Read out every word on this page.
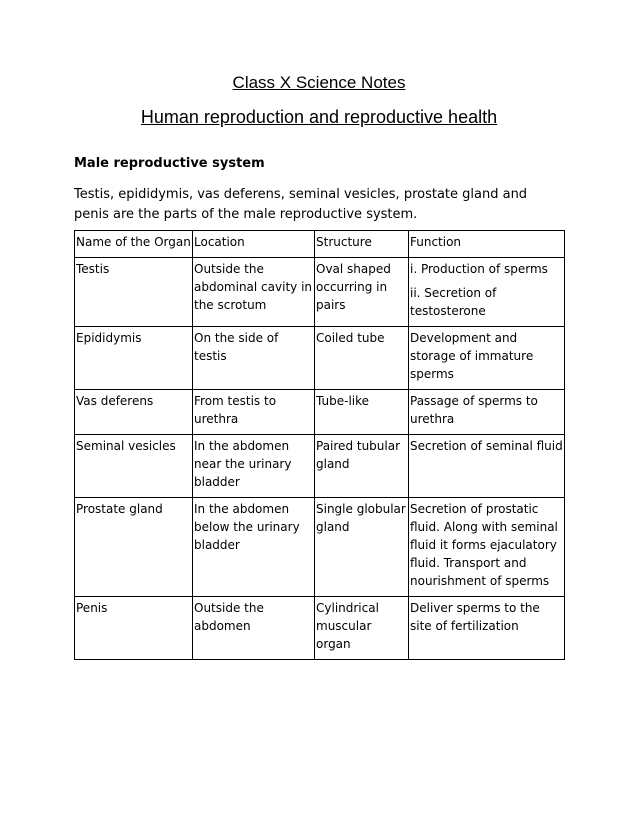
Class X Science Notes
Human reproduction and reproductive health
Male reproductive system
Testis, epididymis, vas deferens, seminal vesicles, prostate gland and penis are the parts of the male reproductive system.
Name of the Organ	Location	Structure	Function
Testis	Outside the abdominal cavity in the scrotum	Oval shaped occurring in pairs	i. Production of sperms

ii. Secretion of testosterone

Epididymis	On the side of testis	Coiled tube	Development and storage of immature sperms
Vas deferens	From testis to urethra	Tube-like	Passage of sperms to urethra
Seminal vesicles	In the abdomen near the urinary bladder	Paired tubular gland	Secretion of seminal fluid
Prostate gland	In the abdomen below the urinary bladder	Single globular gland	Secretion of prostatic fluid. Along with seminal fluid it forms ejaculatory fluid. Transport and nourishment of sperms
Penis	Outside the abdomen	Cylindrical muscular organ	Deliver sperms to the site of fertilization
